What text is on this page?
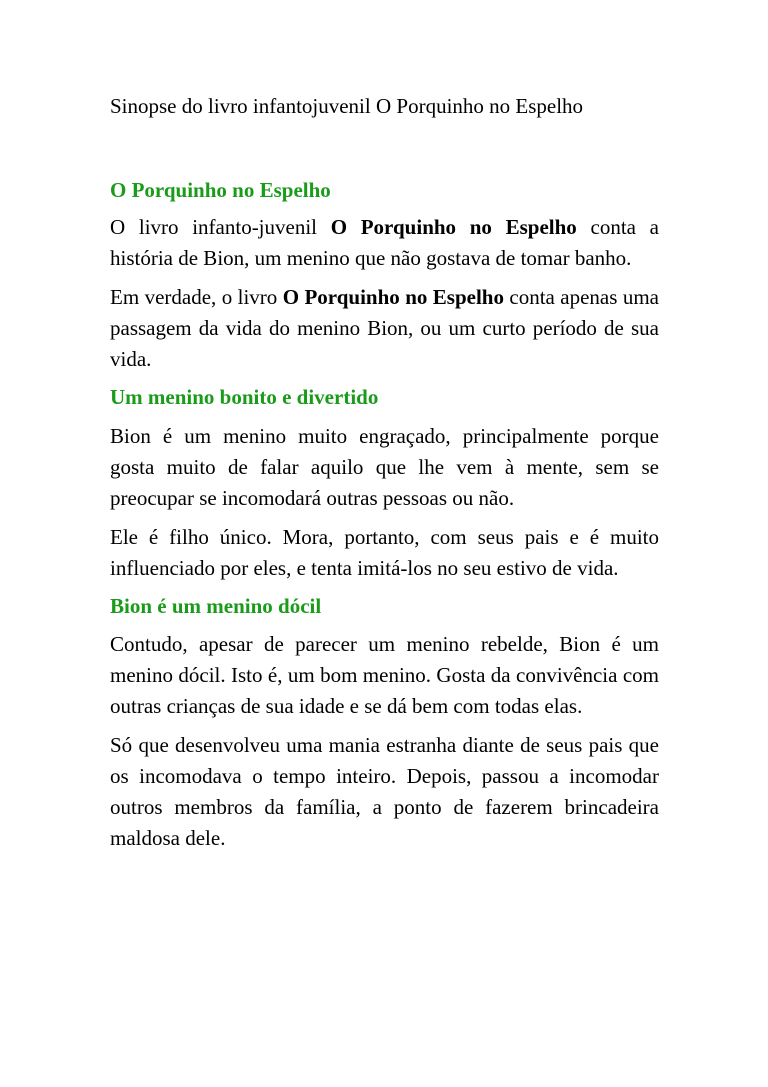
Sinopse do livro infantojuvenil O Porquinho no Espelho
O Porquinho no Espelho

O livro infanto-juvenil O Porquinho no Espelho conta a história de Bion, um menino que não gostava de tomar banho.

Em verdade, o livro O Porquinho no Espelho conta apenas uma passagem da vida do menino Bion, ou um curto período de sua vida.

Um menino bonito e divertido

Bion é um menino muito engraçado, principalmente porque gosta muito de falar aquilo que lhe vem à mente, sem se preocupar se incomodará outras pessoas ou não.

Ele é filho único. Mora, portanto, com seus pais e é muito influenciado por eles, e tenta imitá-los no seu estivo de vida.

Bion é um menino dócil

Contudo, apesar de parecer um menino rebelde, Bion é um menino dócil. Isto é, um bom menino. Gosta da convivência com outras crianças de sua idade e se dá bem com todas elas.

Só que desenvolveu uma mania estranha diante de seus pais que os incomodava o tempo inteiro. Depois, passou a incomodar outros membros da família, a ponto de fazerem brincadeira maldosa dele.
